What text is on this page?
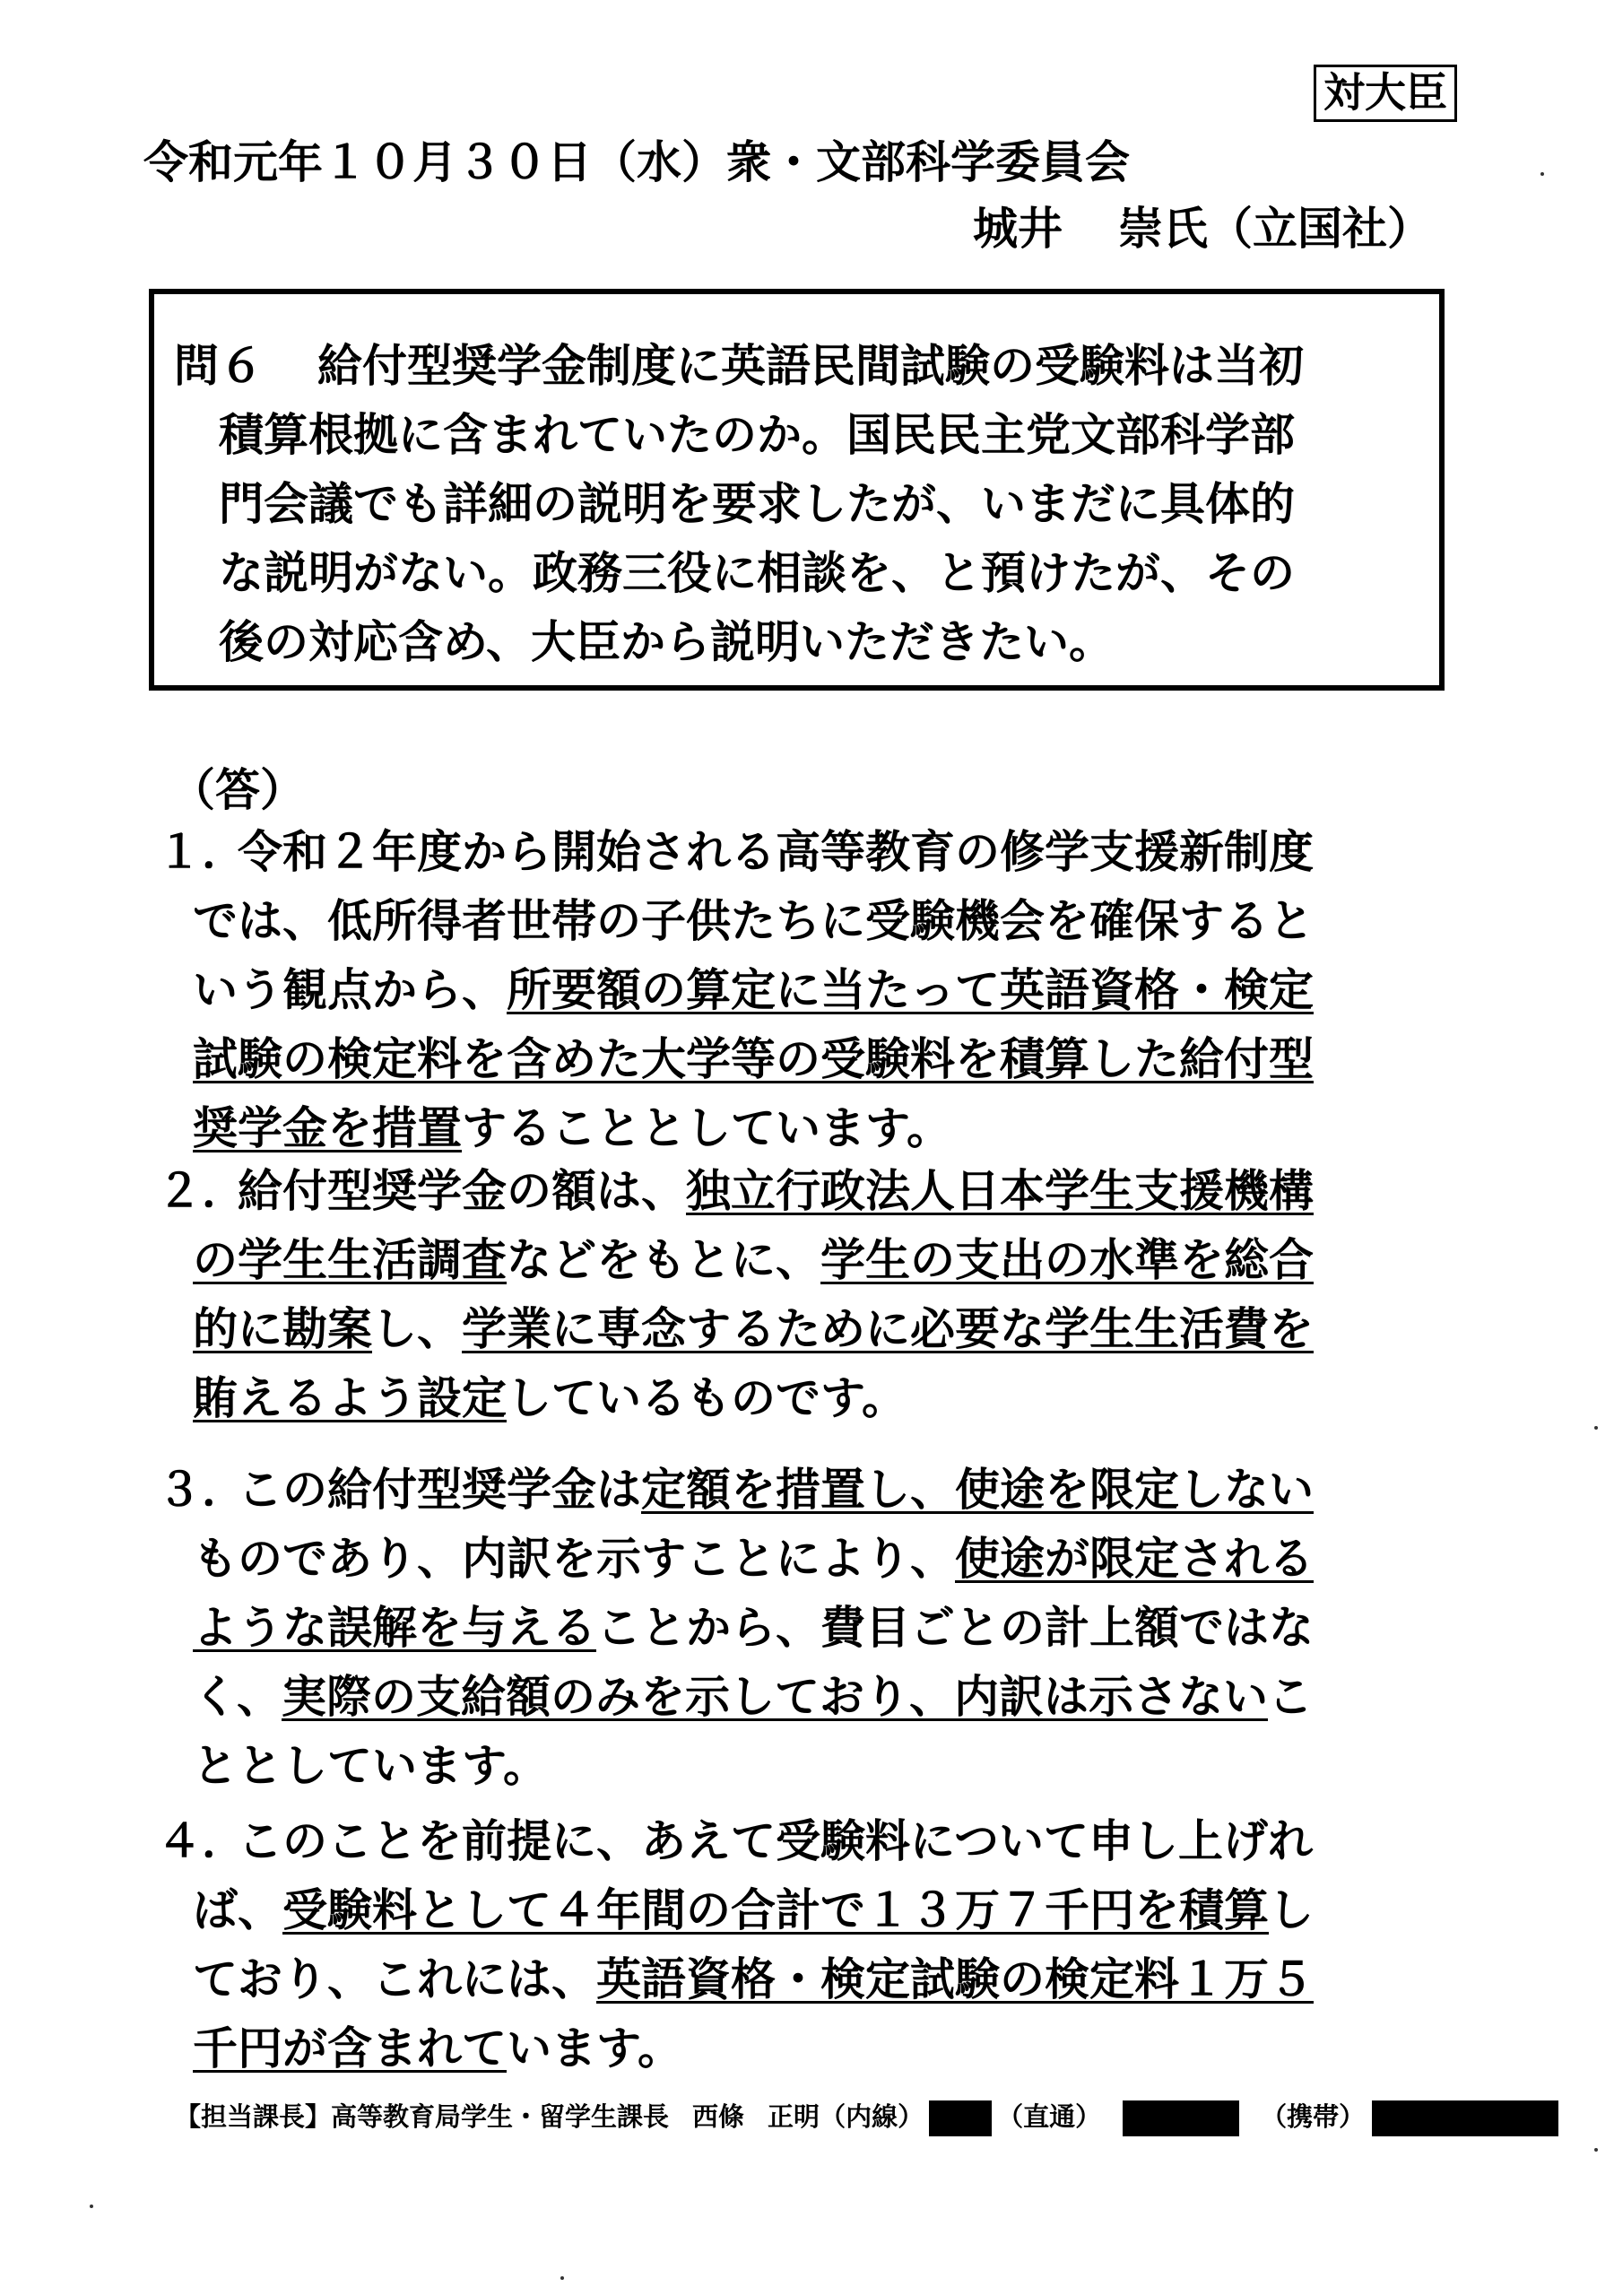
対大臣
令和元年１０月３０日（水）衆・文部科学委員会
城井 崇氏（立国社）
問６ 給付型奨学金制度に英語民間試験の受験料は当初
積算根拠に含まれていたのか。国民民主党文部科学部
門会議でも詳細の説明を要求したが、いまだに具体的
な説明がない。政務三役に相談を、と預けたが、その
後の対応含め、大臣から説明いただきたい。
（答）
１．令和２年度から開始される高等教育の修学支援新制度
では、低所得者世帯の子供たちに受験機会を確保すると
いう観点から、所要額の算定に当たって英語資格・検定
試験の検定料を含めた大学等の受験料を積算した給付型
奨学金を措置することとしています。
２．給付型奨学金の額は、独立行政法人日本学生支援機構
の学生生活調査などをもとに、学生の支出の水準を総合
的に勘案し、学業に専念するために必要な学生生活費を
賄えるよう設定しているものです。
３．この給付型奨学金は定額を措置し、使途を限定しない
ものであり、内訳を示すことにより、使途が限定される
ような誤解を与えることから、費目ごとの計上額ではな
く、実際の支給額のみを示しており、内訳は示さないこ
ととしています。
４．このことを前提に、あえて受験料について申し上げれ
ば、受験料として４年間の合計で１３万７千円を積算し
ており、これには、英語資格・検定試験の検定料１万５
千円が含まれています。
【担当課長】高等教育局学生・留学生課長 西條 正明（内線）	（直通）	（携帯）
